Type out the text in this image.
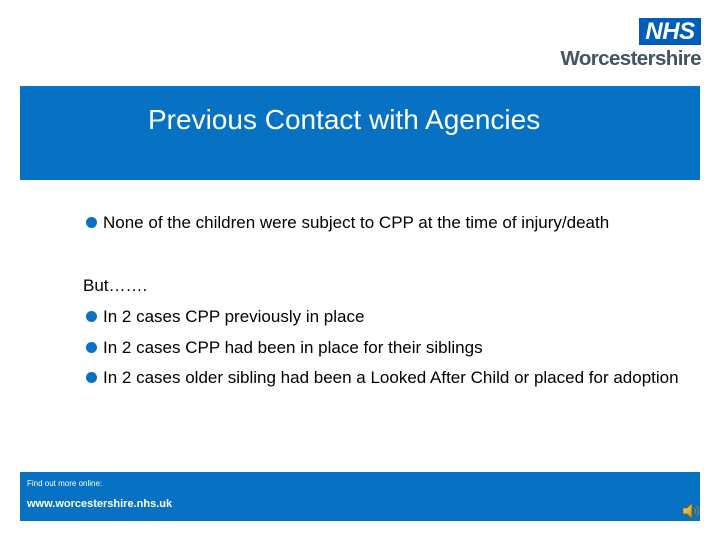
NHS
Worcestershire
Previous Contact with Agencies
None of the children were subject to CPP at the time of injury/death
But…….
In 2 cases CPP previously in place
In 2 cases CPP had been in place for their siblings
In 2 cases older sibling had been a Looked After Child or placed for adoption
Find out more online:
www.worcestershire.nhs.uk
